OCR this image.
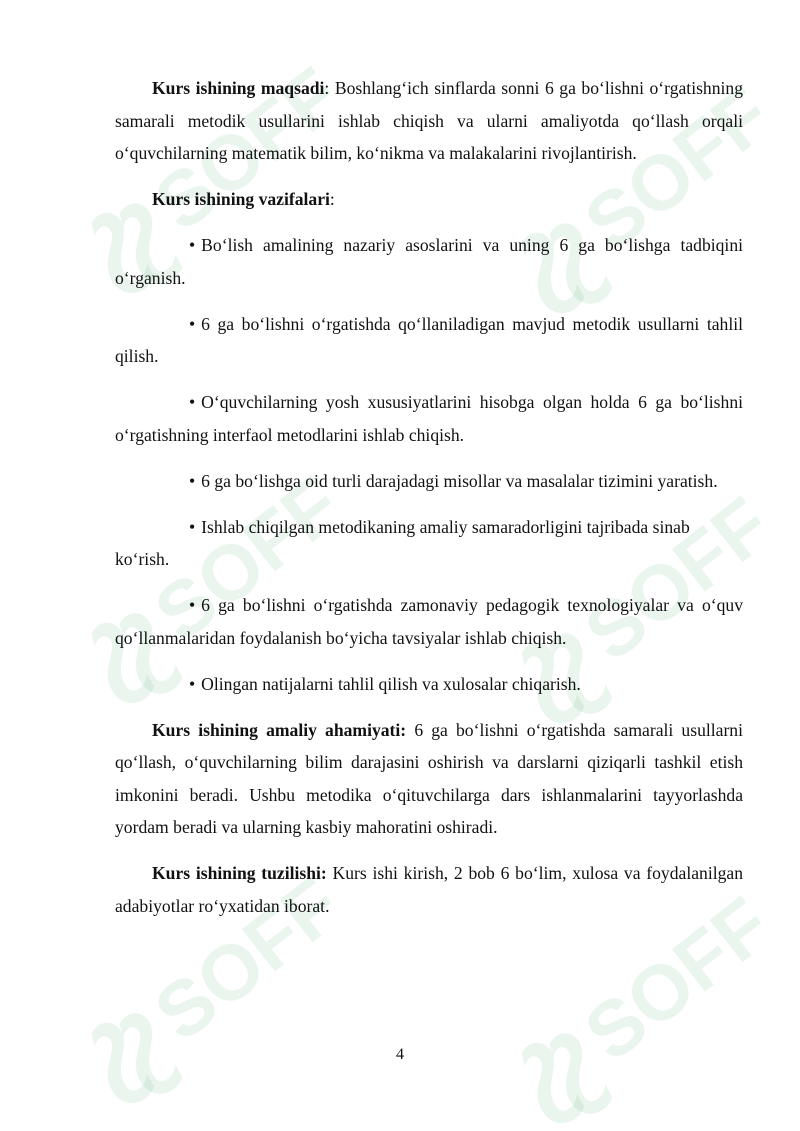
SOFF

Kurs ishining maqsadi: Boshlang‘ich sinflarda sonni 6 ga bo‘lishni o‘rgatishning samarali metodik usullarini ishlab chiqish va ularni amaliyotda qo‘llash orqali o‘quvchilarning matematik bilim, ko‘nikma va malakalarini rivojlantirish.

Kurs ishining vazifalari:

• Bo‘lish amalining nazariy asoslarini va uning 6 ga bo‘lishga tadbiqini o‘rganish.

• 6 ga bo‘lishni o‘rgatishda qo‘llaniladigan mavjud metodik usullarni tahlil qilish.

• O‘quvchilarning yosh xususiyatlarini hisobga olgan holda 6 ga bo‘lishni o‘rgatishning interfaol metodlarini ishlab chiqish.

• 6 ga bo‘lishga oid turli darajadagi misollar va masalalar tizimini yaratish.

• Ishlab chiqilgan metodikaning amaliy samaradorligini tajribada sinab ko‘rish.

• 6 ga bo‘lishni o‘rgatishda zamonaviy pedagogik texnologiyalar va o‘quv qo‘llanmalaridan foydalanish bo‘yicha tavsiyalar ishlab chiqish.

• Olingan natijalarni tahlil qilish va xulosalar chiqarish.

Kurs ishining amaliy ahamiyati: 6 ga bo‘lishni o‘rgatishda samarali usullarni qo‘llash, o‘quvchilarning bilim darajasini oshirish va darslarni qiziqarli tashkil etish imkonini beradi. Ushbu metodika o‘qituvchilarga dars ishlanmalarini tayyorlashda yordam beradi va ularning kasbiy mahoratini oshiradi.

Kurs ishining tuzilishi: Kurs ishi kirish, 2 bob 6 bo‘lim, xulosa va foydalanilgan adabiyotlar ro‘yxatidan iborat.

4
